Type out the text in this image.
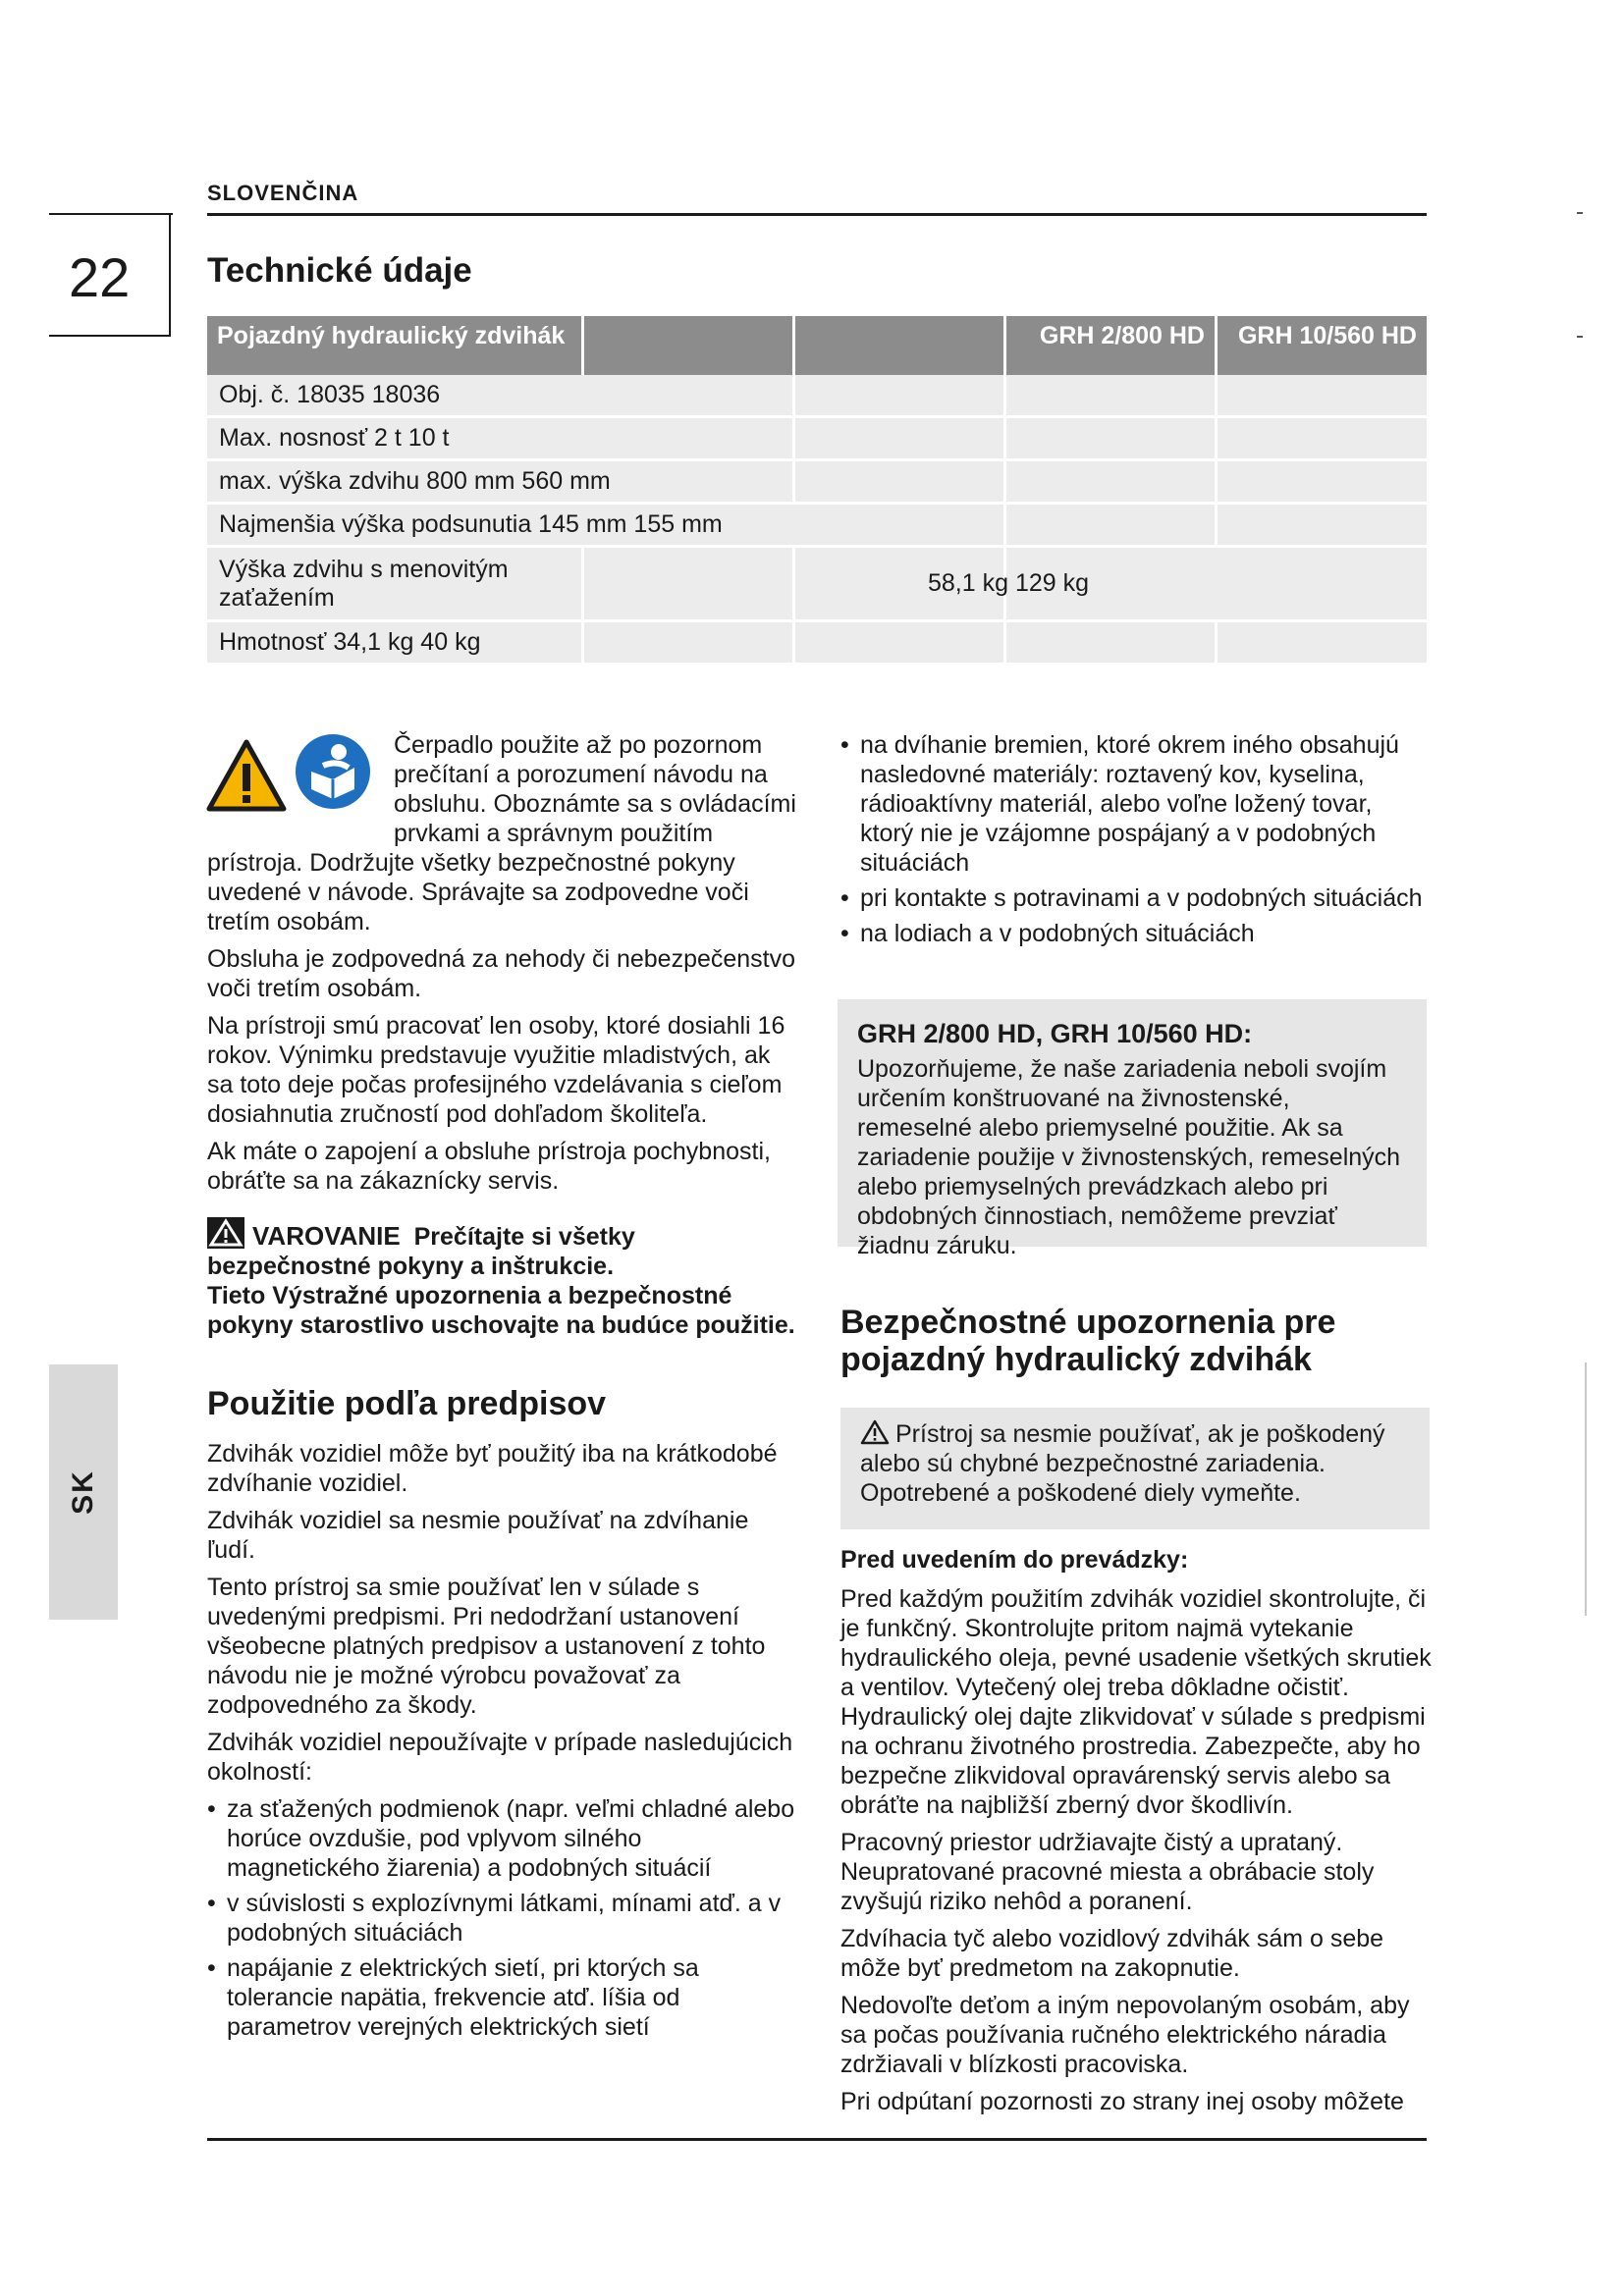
SLOVENČINA
22 Technické údaje
Pojazdný hydraulický zdvihák			GRH 2/800 HD	GRH 10/560 HD
Obj. č. 18035 18036				
Max. nosnosť 2 t 10 t				
max. výška zdvihu 800 mm 560 mm				
Najmenšia výška podsunutia 145 mm 155 mm				
Výška zdvihu s menovitým zaťažením			58,1 kg 129 kg	
Hmotnosť 34,1 kg 40 kg				

Čerpadlo použite až po pozornom prečítaní a porozumení návodu na obsluhu. Oboznámte sa s ovládacími prvkami a správnym použitím prístroja. Dodržujte všetky bezpečnostné pokyny uvedené v návode. Správajte sa zodpovedne voči tretím osobám.

Obsluha je zodpovedná za nehody či nebezpečenstvo voči tretím osobám.

Na prístroji smú pracovať len osoby, ktoré dosiahli 16 rokov. Výnimku predstavuje využitie mladistvých, ak sa toto deje počas profesijného vzdelávania s cieľom dosiahnutia zručností pod dohľadom školiteľa.

Ak máte o zapojení a obsluhe prístroja pochybnosti, obráťte sa na zákaznícky servis.

VAROVANIE Prečítajte si všetky bezpečnostné pokyny a inštrukcie.
Tieto Výstražné upozornenia a bezpečnostné pokyny starostlivo uschovajte na budúce použitie.
Použitie podľa predpisov

Zdvihák vozidiel môže byť použitý iba na krátkodobé zdvíhanie vozidiel.

Zdvihák vozidiel sa nesmie používať na zdvíhanie ľudí.

Tento prístroj sa smie používať len v súlade s uvedenými predpismi. Pri nedodržaní ustanovení všeobecne platných predpisov a ustanovení z tohto návodu nie je možné výrobcu považovať za zodpovedného za škody.

Zdvihák vozidiel nepoužívajte v prípade nasledujúcich okolností:

• za sťažených podmienok (napr. veľmi chladné alebo horúce ovzdušie, pod vplyvom silného magnetického žiarenia) a podobných situácií
• v súvislosti s explozívnymi látkami, mínami atď. a v podobných situáciách
• napájanie z elektrických sietí, pri ktorých sa tolerancie napätia, frekvencie atď. líšia od parametrov verejných elektrických sietí
• na dvíhanie bremien, ktoré okrem iného obsahujú nasledovné materiály: roztavený kov, kyselina, rádioaktívny materiál, alebo voľne ložený tovar, ktorý nie je vzájomne pospájaný a v podobných situáciách
• pri kontakte s potravinami a v podobných situáciách
• na lodiach a v podobných situáciách
GRH 2/800 HD, GRH 10/560 HD:
Upozorňujeme, že naše zariadenia neboli svojím určením konštruované na živnostenské, remeselné alebo priemyselné použitie. Ak sa zariadenie použije v živnostenských, remeselných alebo priemyselných prevádzkach alebo pri obdobných činnostiach, nemôžeme prevziať žiadnu záruku.
Bezpečnostné upozornenia pre pojazdný hydraulický zdvihák
Prístroj sa nesmie používať, ak je poškodený alebo sú chybné bezpečnostné zariadenia. Opotrebené a poškodené diely vymeňte.

Pred uvedením do prevádzky:

Pred každým použitím zdvihák vozidiel skontrolujte, či je funkčný. Skontrolujte pritom najmä vytekanie hydraulického oleja, pevné usadenie všetkých skrutiek a ventilov. Vytečený olej treba dôkladne očistiť. Hydraulický olej dajte zlikvidovať v súlade s predpismi na ochranu životného prostredia. Zabezpečte, aby ho bezpečne zlikvidoval opravárenský servis alebo sa obráťte na najbližší zberný dvor škodlivín.

Pracovný priestor udržiavajte čistý a uprataný. Neupratované pracovné miesta a obrábacie stoly zvyšujú riziko nehôd a poranení.

Zdvíhacia tyč alebo vozidlový zdvihák sám o sebe môže byť predmetom na zakopnutie.

Nedovoľte deťom a iným nepovolaným osobám, aby sa počas používania ručného elektrického náradia zdržiavali v blízkosti pracoviska.

Pri odpútaní pozornosti zo strany inej osoby môžete

SK
